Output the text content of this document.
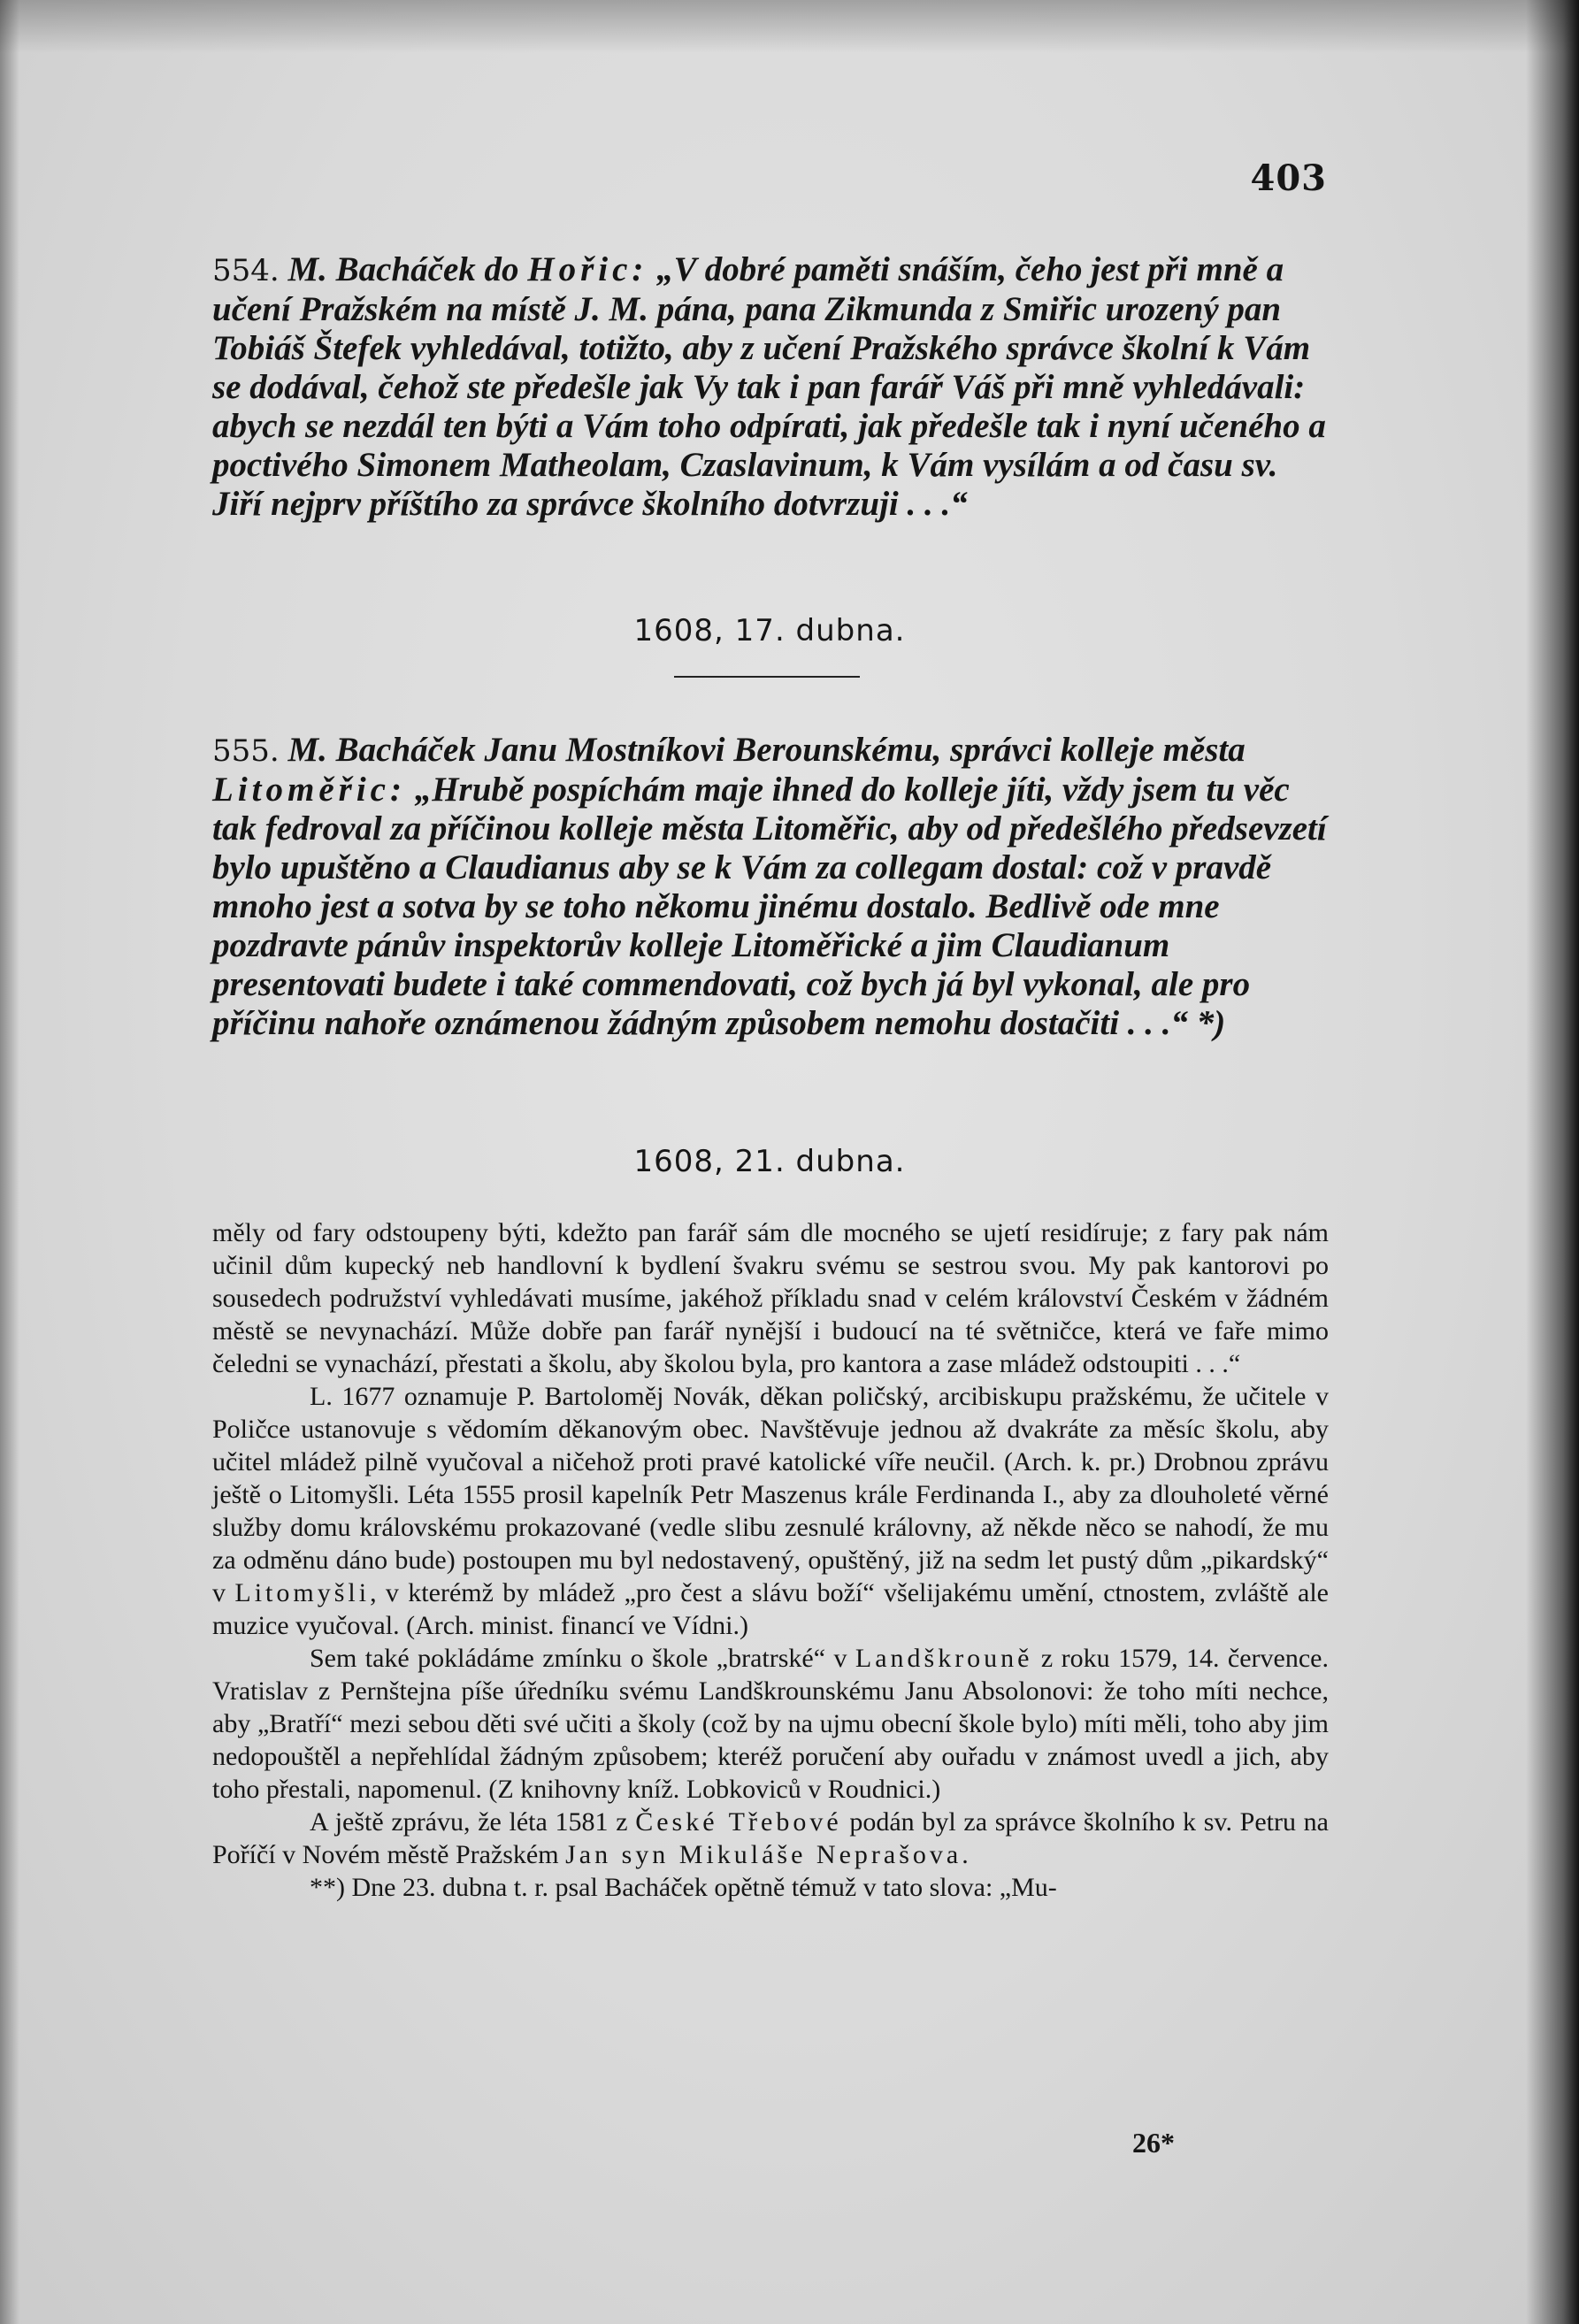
403

554. M. Bacháček do Hořic: „V dobré paměti snáším, čeho jest při mně a učení Pražském na místě J. M. pána, pana Zikmunda z Smiřic urozený pan Tobiáš Štefek vyhledával, totižto, aby z učení Pražského správce školní k Vám se dodával, čehož ste předešle jak Vy tak i pan farář Váš při mně vyhledávali: abych se nezdál ten býti a Vám toho odpírati, jak předešle tak i nyní učeného a poctivého Simonem Matheolam, Czaslavinum, k Vám vysílám a od času sv. Jiří nejprv příštího za správce školního dotvrzuji . . .“

1608, 17. dubna.

555. M. Bacháček Janu Mostníkovi Berounskému, správci kolleje města Litoměřic: „Hrubě pospíchám maje ihned do kolleje jíti, vždy jsem tu věc tak fedroval za příčinou kolleje města Litoměřic, aby od předešlého předsevzetí bylo upuštěno a Claudianus aby se k Vám za collegam dostal: což v pravdě mnoho jest a sotva by se toho někomu jinému dostalo. Bedlivě ode mne pozdravte pánův inspektorův kolleje Litoměřické a jim Claudianum presentovati budete i také commendovati, což bych já byl vykonal, ale pro příčinu nahoře oznámenou žádným způsobem nemohu dostačiti . . .“ *)

1608, 21. dubna.

měly od fary odstoupeny býti, kdežto pan farář sám dle mocného se ujetí residíruje; z fary pak nám učinil dům kupecký neb handlovní k bydlení švakru svému se sestrou svou. My pak kantorovi po sousedech podružství vyhledávati musíme, jakéhož příkladu snad v celém království Českém v žádném městě se nevynachází. Může dobře pan farář nynější i budoucí na té světničce, která ve faře mimo čeledni se vynachází, přestati a školu, aby školou byla, pro kantora a zase mládež odstoupiti . . .“

L. 1677 oznamuje P. Bartoloměj Novák, děkan poličský, arcibiskupu pražskému, že učitele v Poličce ustanovuje s vědomím děkanovým obec. Navštěvuje jednou až dvakráte za měsíc školu, aby učitel mládež pilně vyučoval a ničehož proti pravé katolické víře neučil. (Arch. k. pr.) Drobnou zprávu ještě o Litomyšli. Léta 1555 prosil kapelník Petr Maszenus krále Ferdinanda I., aby za dlouholeté věrné služby domu královskému prokazované (vedle slibu zesnulé královny, až někde něco se nahodí, že mu za odměnu dáno bude) postoupen mu byl nedostavený, opuštěný, již na sedm let pustý dům „pikardský“ v Litomyšli, v kterémž by mládež „pro čest a slávu boží“ všelijakému umění, ctnostem, zvláště ale muzice vyučoval. (Arch. minist. financí ve Vídni.)

Sem také pokládáme zmínku o škole „bratrské“ v Landškrouně z roku 1579, 14. července. Vratislav z Pernštejna píše úředníku svému Landškrounskému Janu Absolonovi: že toho míti nechce, aby „Bratří“ mezi sebou děti své učiti a školy (což by na ujmu obecní škole bylo) míti měli, toho aby jim nedopouštěl a nepřehlídal žádným způsobem; kteréž poručení aby ouřadu v známost uvedl a jich, aby toho přestali, napomenul. (Z knihovny kníž. Lobkoviců v Roudnici.)

A ještě zprávu, že léta 1581 z České Třebové podán byl za správce školního k sv. Petru na Poříčí v Novém městě Pražském Jan syn Mikuláše Neprašova.

**) Dne 23. dubna t. r. psal Bacháček opětně témuž v tato slova: „Mu-

26*
